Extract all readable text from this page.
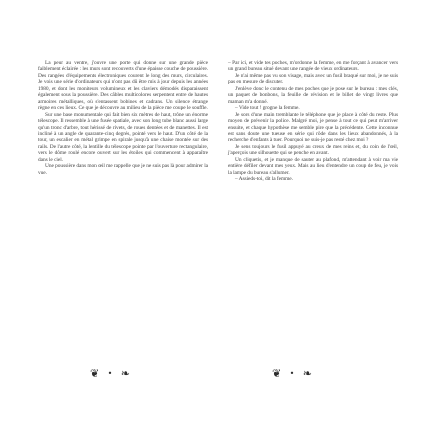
La peur au ventre, j'ouvre une porte qui donne sur une grande pièce faiblement éclairée : les murs sont recouverts d'une épaisse couche de poussière. Des rangées d'équipements électroniques courent le long des murs, circulaires. Je vois une série d'ordinateurs qui n'ont pas dû être mis à jour depuis les années 1980, et dont les moniteurs volumineux et les claviers démodés disparaissent également sous la poussière. Des câbles multicolores serpentent entre de hautes armoires métalliques, où s'entassent bobines et cadrans. Un silence étrange règne en ces lieux. Ce que je découvre au milieu de la pièce me coupe le souffle.

Sur une base monumentale qui fait bien six mètres de haut, trône un énorme télescope. Il ressemble à une fusée spatiale, avec son long tube blanc aussi large qu'un tronc d'arbre, tout hérissé de rivets, de roues dentées et de manettes. Il est incliné à un angle de quarante-cinq degrés, pointé vers le haut. D'un côté de la tour, un escalier en métal grimpe en spirale jusqu'à une chaise montée sur des rails. De l'autre côté, la lentille du télescope pointe par l'ouverture rectangulaire, vers le dôme roulé encore ouvert sur les étoiles qui commencent à apparaître dans le ciel.

Une poussière dans mon œil me rappelle que je ne suis pas là pour admirer la vue.

❦ • ❧

– Par ici, et vide tes poches, m'ordonne la femme, en me forçant à avancer vers un grand bureau situé devant une rangée de vieux ordinateurs.

Je n'ai même pas vu son visage, mais avec un fusil braqué sur moi, je ne suis pas en mesure de discuter.

J'enlève donc le contenu de mes poches que je pose sur le bureau : mes clés, un paquet de bonbons, la feuille de révision et le billet de vingt livres que maman m'a donné.

– Vide tout ! grogne la femme.

Je sors d'une main tremblante le téléphone que je place à côté du reste. Plus moyen de prévenir la police. Malgré moi, je pense à tout ce qui peut m'arriver ensuite, et chaque hypothèse me semble pire que la précédente. Cette inconnue est sans doute une tueuse en série qui rôde dans les lieux abandonnés, à la recherche d'enfants à tuer. Pourquoi ne suis-je pas resté chez moi ?

Je sens toujours le fusil appuyé au creux de mes reins et, du coin de l'œil, j'aperçois une silhouette qui se penche en avant.

Un cliquetis, et je manque de sauter au plafond, m'attendant à voir ma vie entière défiler devant mes yeux. Mais au lieu d'entendre un coup de feu, je vois la lampe du bureau s'allumer.

– Assieds-toi, dit la femme.

❦ • ❧
